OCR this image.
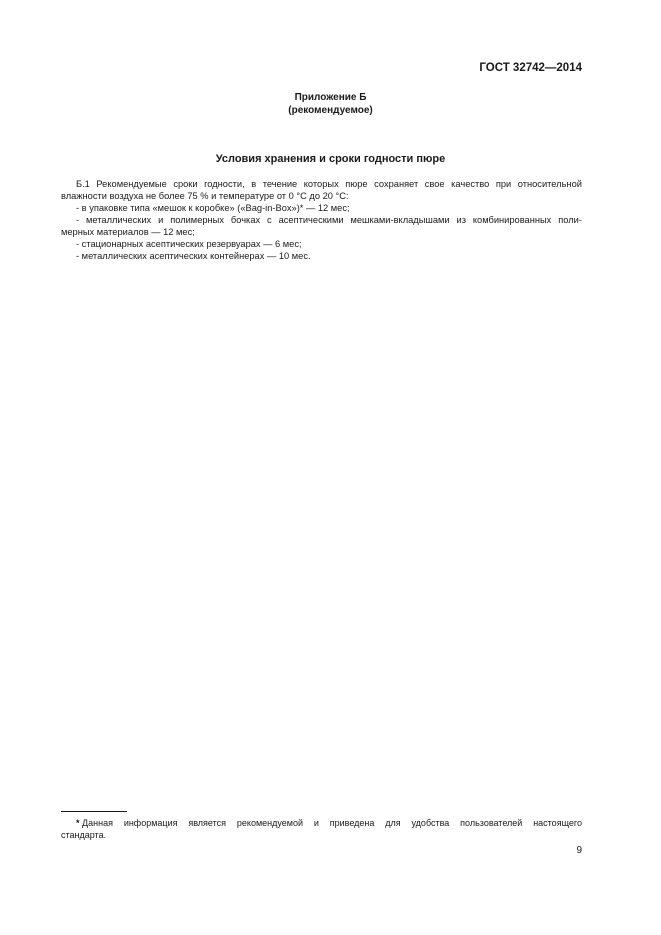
ГОСТ 32742—2014
Приложение Б
(рекомендуемое)
Условия хранения и сроки годности пюре
Б.1 Рекомендуемые сроки годности, в течение которых пюре сохраняет свое качество при относительной
влажности воздуха не более 75 % и температуре от 0 °С до 20 °С:
- в упаковке типа «мешок к коробке» («Bag-in-Box»)* — 12 мес;
- металлических и полимерных бочках с асептическими мешками-вкладышами из комбинированных поли-
мерных материалов — 12 мес;
- стационарных асептических резервуарах — 6 мес;
- металлических асептических контейнерах — 10 мес.
* Данная информация является рекомендуемой и приведена для удобства пользователей настоящего
стандарта.
9
